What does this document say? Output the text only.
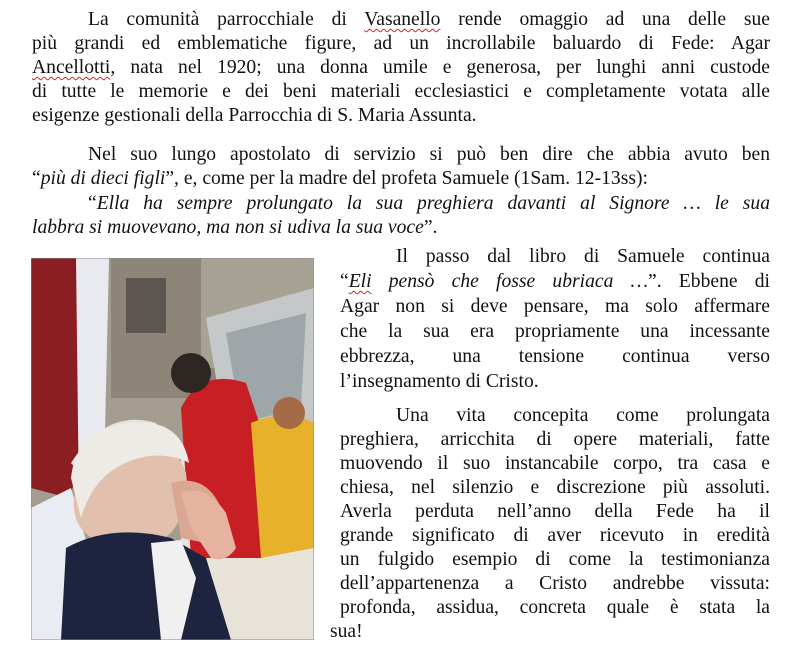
La comunità parrocchiale di Vasanello rende omaggio ad una delle sue
più grandi ed emblematiche figure, ad un incrollabile baluardo di Fede: Agar
Ancellotti, nata nel 1920; una donna umile e generosa, per lunghi anni custode
di tutte le memorie e dei beni materiali ecclesiastici e completamente votata alle
esigenze gestionali della Parrocchia di S. Maria Assunta.
Nel suo lungo apostolato di servizio si può ben dire che abbia avuto ben
“più di dieci figli”, e, come per la madre del profeta Samuele (1Sam. 12-13ss):
“Ella ha sempre prolungato la sua preghiera davanti al Signore … le sua
labbra si muovevano, ma non si udiva la sua voce”.
Il passo dal libro di Samuele continua
“Eli pensò che fosse ubriaca …”. Ebbene di
Agar non si deve pensare, ma solo affermare
che la sua era propriamente una incessante
ebbrezza, una tensione continua verso
l’insegnamento di Cristo.
Una vita concepita come prolungata
preghiera, arricchita di opere materiali, fatte
muovendo il suo instancabile corpo, tra casa e
chiesa, nel silenzio e discrezione più assoluti.
Averla perduta nell’anno della Fede ha il
grande significato di aver ricevuto in eredità
un fulgido esempio di come la testimonianza
dell’appartenenza a Cristo andrebbe vissuta:
profonda, assidua, concreta quale è stata la
sua!
